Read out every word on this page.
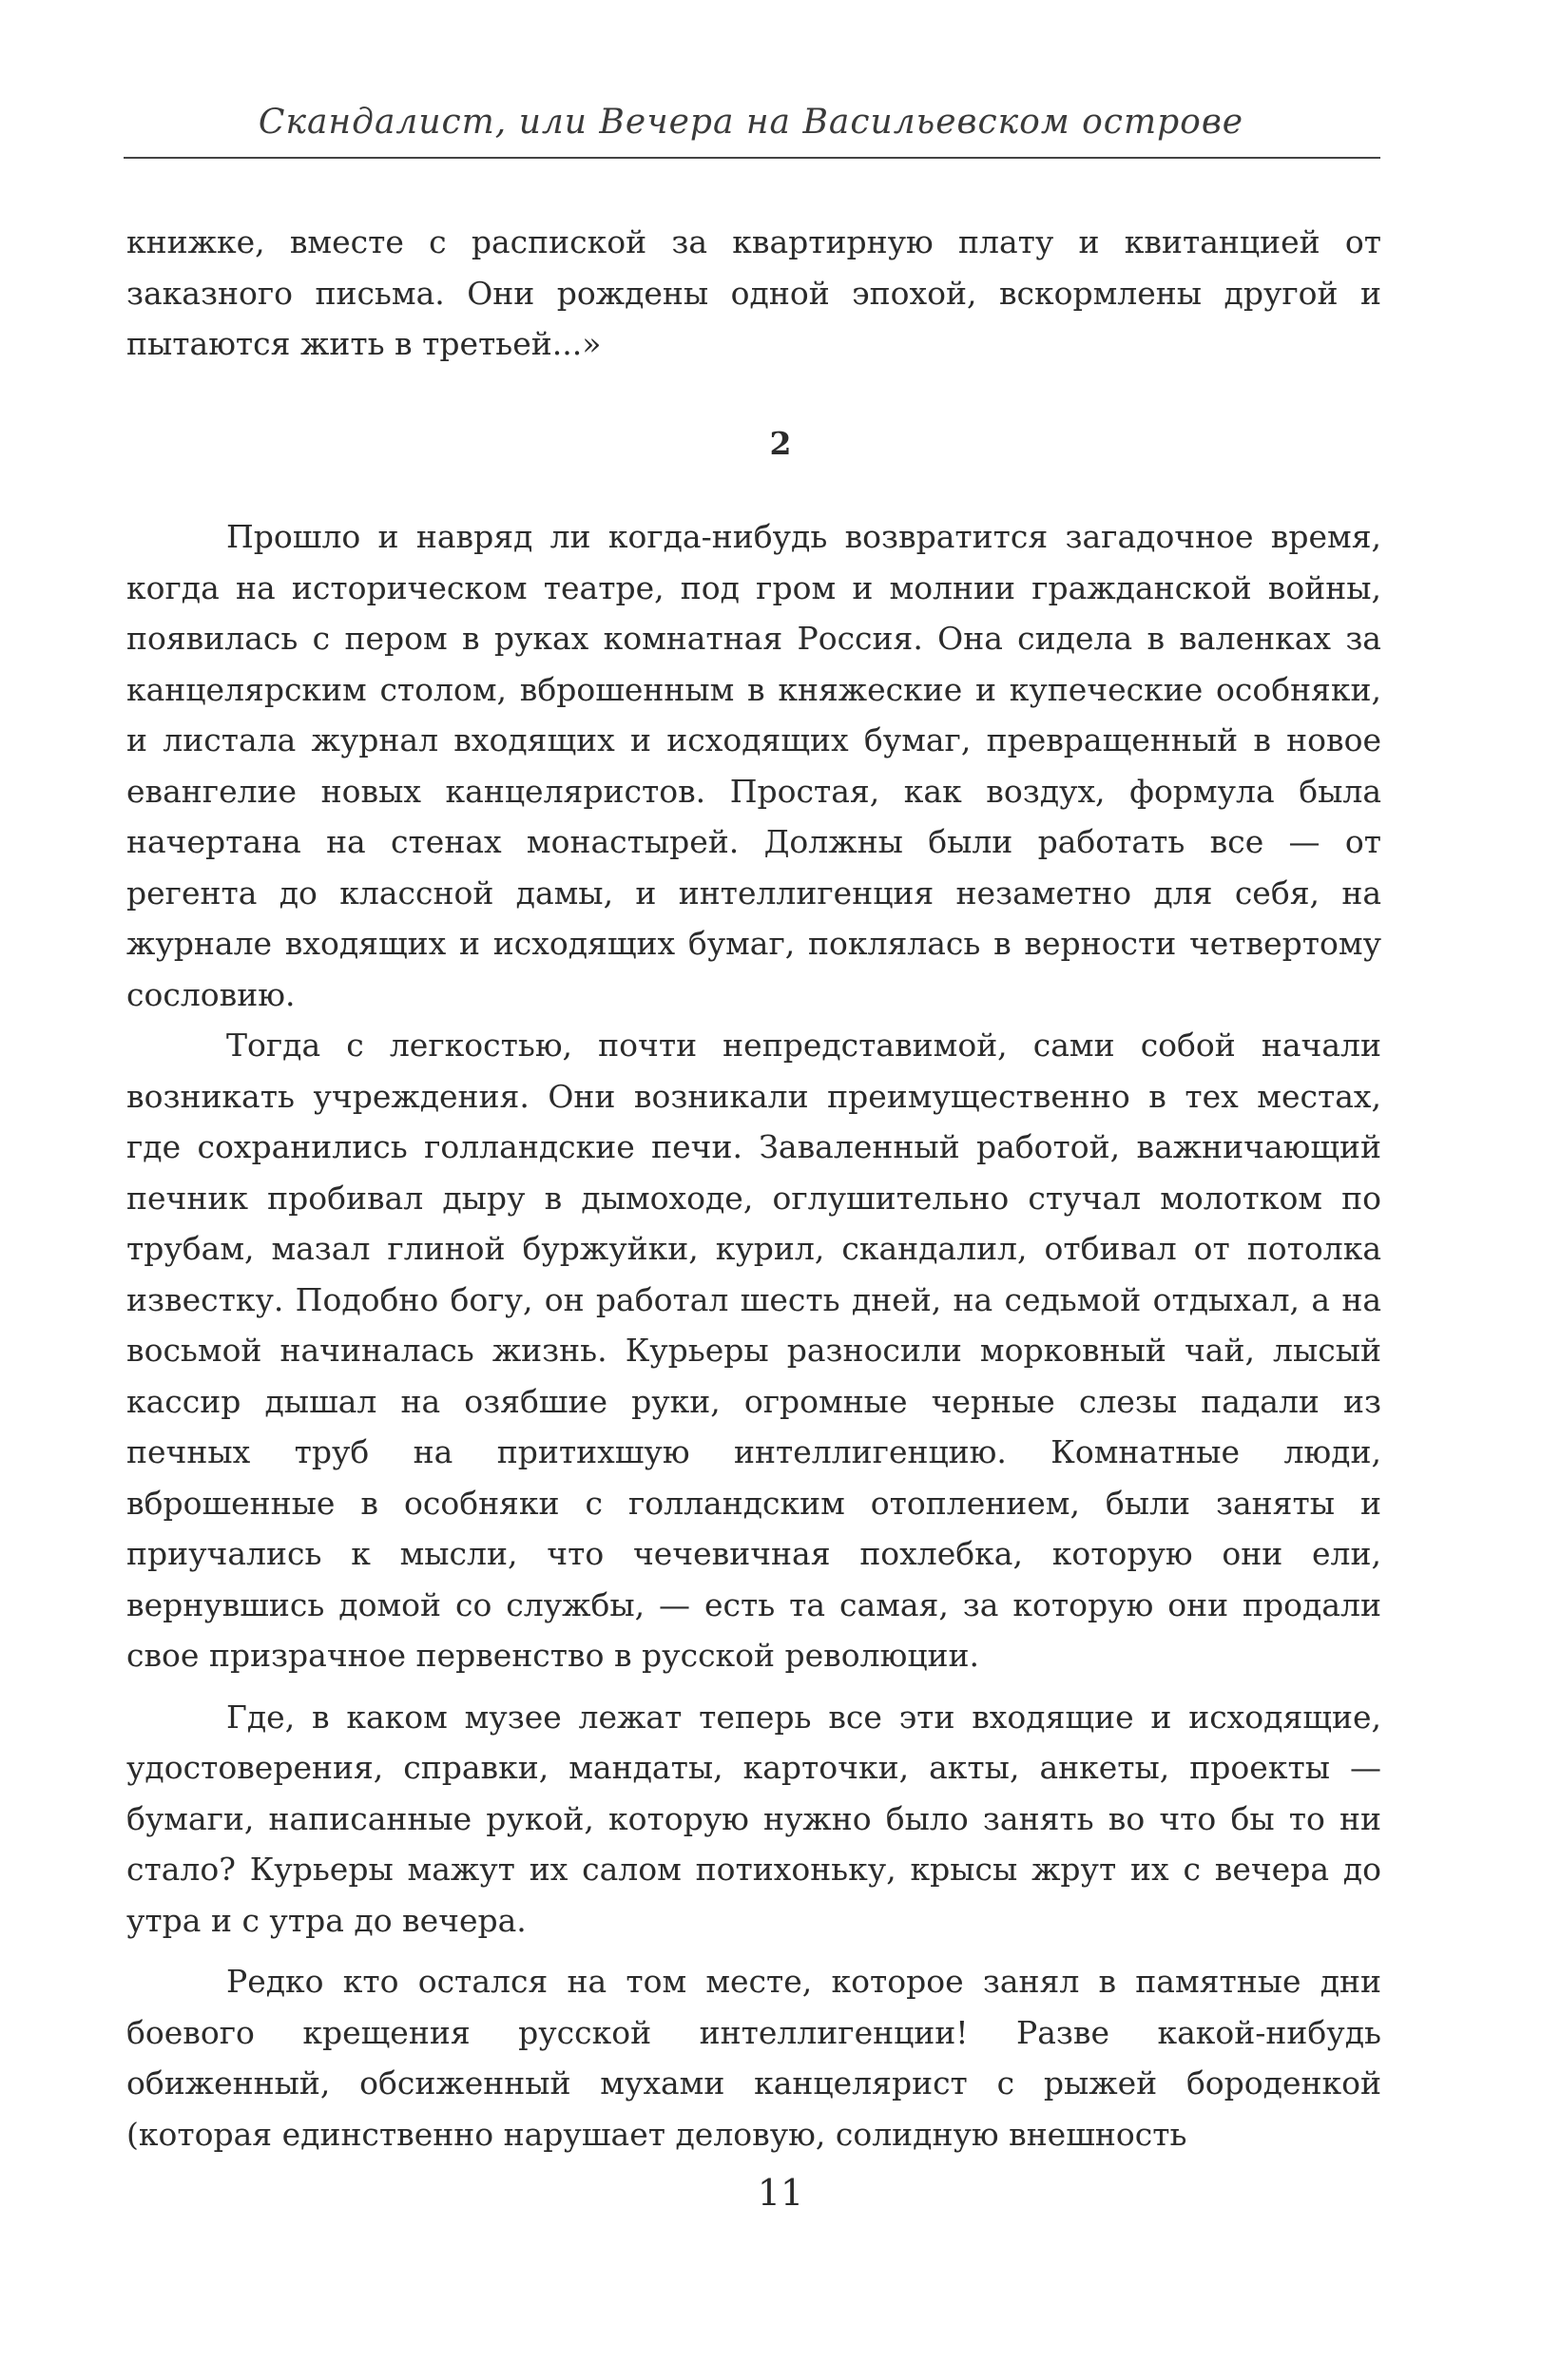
Скандалист, или Вечера на Васильевском острове

книжке, вместе с распиской за квартирную плату и квитанцией от заказного письма. Они рождены одной эпохой, вскормлены другой и пытаются жить в третьей...»

2

Прошло и навряд ли когда-нибудь возвратится загадочное время, когда на историческом театре, под гром и молнии гражданской войны, появилась с пером в руках комнатная Россия. Она сидела в валенках за канцелярским столом, вброшенным в княжеские и купеческие особняки, и листала журнал входящих и исходящих бумаг, превращенный в новое евангелие новых канцеляристов. Простая, как воздух, формула была начертана на стенах монастырей. Должны были работать все — от регента до классной дамы, и интеллигенция незаметно для себя, на журнале входящих и исходящих бумаг, поклялась в верности четвертому сословию.

Тогда с легкостью, почти непредставимой, сами собой начали возникать учреждения. Они возникали преимущественно в тех местах, где сохранились голландские печи. Заваленный работой, важничающий печник пробивал дыру в дымоходе, оглушительно стучал молотком по трубам, мазал глиной буржуйки, курил, скандалил, отбивал от потолка известку. Подобно богу, он работал шесть дней, на седьмой отдыхал, а на восьмой начиналась жизнь. Курьеры разносили морковный чай, лысый кассир дышал на озябшие руки, огромные черные слезы падали из печных труб на притихшую интеллигенцию. Комнатные люди, вброшенные в особняки с голландским отоплением, были заняты и приучались к мысли, что чечевичная похлебка, которую они ели, вернувшись домой со службы, — есть та самая, за которую они продали свое призрачное первенство в русской революции.

Где, в каком музее лежат теперь все эти входящие и исходящие, удостоверения, справки, мандаты, карточки, акты, анкеты, проекты — бумаги, написанные рукой, которую нужно было занять во что бы то ни стало? Курьеры мажут их салом потихоньку, крысы жрут их с вечера до утра и с утра до вечера.

Редко кто остался на том месте, которое занял в памятные дни боевого крещения русской интеллигенции! Разве какой-нибудь обиженный, обсиженный мухами канцелярист с рыжей бороденкой (которая единственно нарушает деловую, солидную внешность

11
